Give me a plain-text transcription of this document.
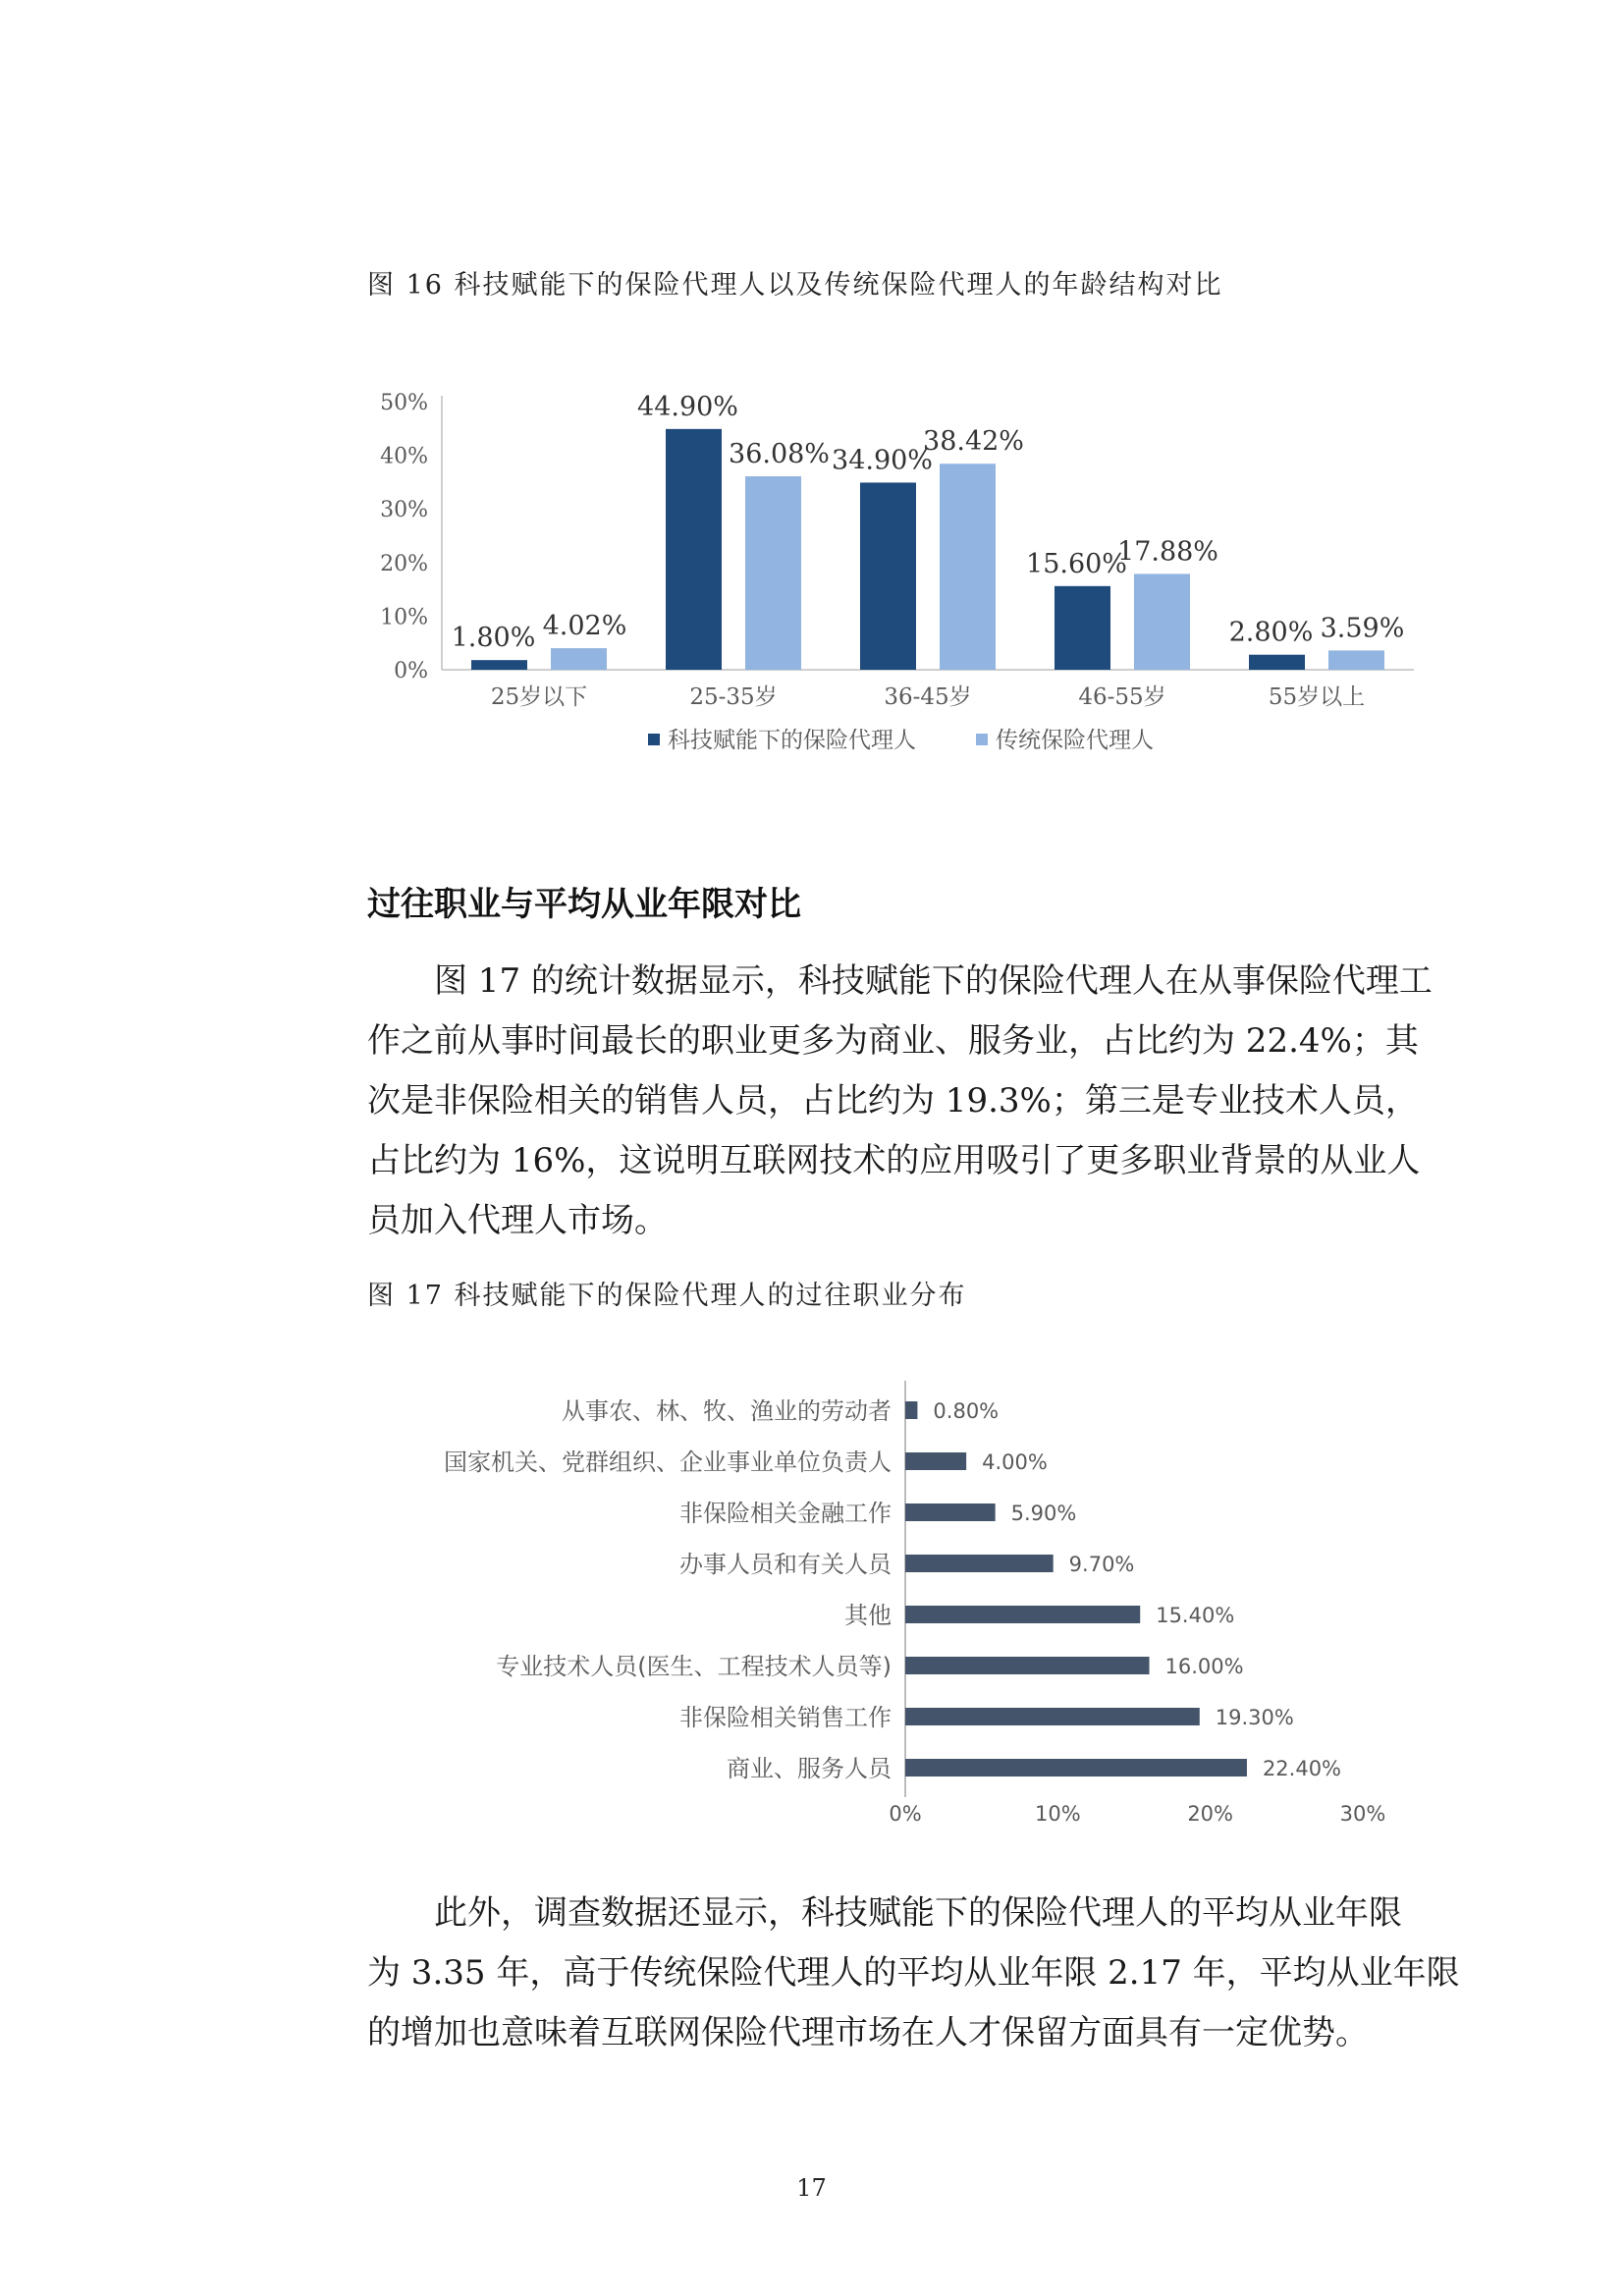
图 16 科技赋能下的保险代理人以及传统保险代理人的年龄结构对比
0%
10%
20%
30%
40%
50%
25岁以下
1.80% 4.02%
25-35岁
44.90%
36.08%
36-45岁
34.90%
38.42%
46-55岁
15.60%
17.88%
55岁以上
2.80% 3.59%
科技赋能下的保险代理人	传统保险代理人
过往职业与平均从业年限对比
图 17 的统计数据显示，科技赋能下的保险代理人在从事保险代理工
作之前从事时间最长的职业更多为商业、服务业，占比约为 22.4%；其
次是非保险相关的销售人员，占比约为 19.3%；第三是专业技术人员，
占比约为 16%，这说明互联网技术的应用吸引了更多职业背景的从业人
员加入代理人市场。
图 17 科技赋能下的保险代理人的过往职业分布
从事农、林、牧、渔业的劳动者 0.80%
国家机关、党群组织、企业事业单位负责人	4.00%
非保险相关金融工作	5.90%
办事人员和有关人员	9.70%
其他	15.40%
专业技术人员(医生、工程技术人员等)	16.00%
非保险相关销售工作	19.30%
商业、服务人员	22.40%
0%	10%	20%	30%
此外，调查数据还显示，科技赋能下的保险代理人的平均从业年限
为 3.35 年，高于传统保险代理人的平均从业年限 2.17 年，平均从业年限
的增加也意味着互联网保险代理市场在人才保留方面具有一定优势。
17
